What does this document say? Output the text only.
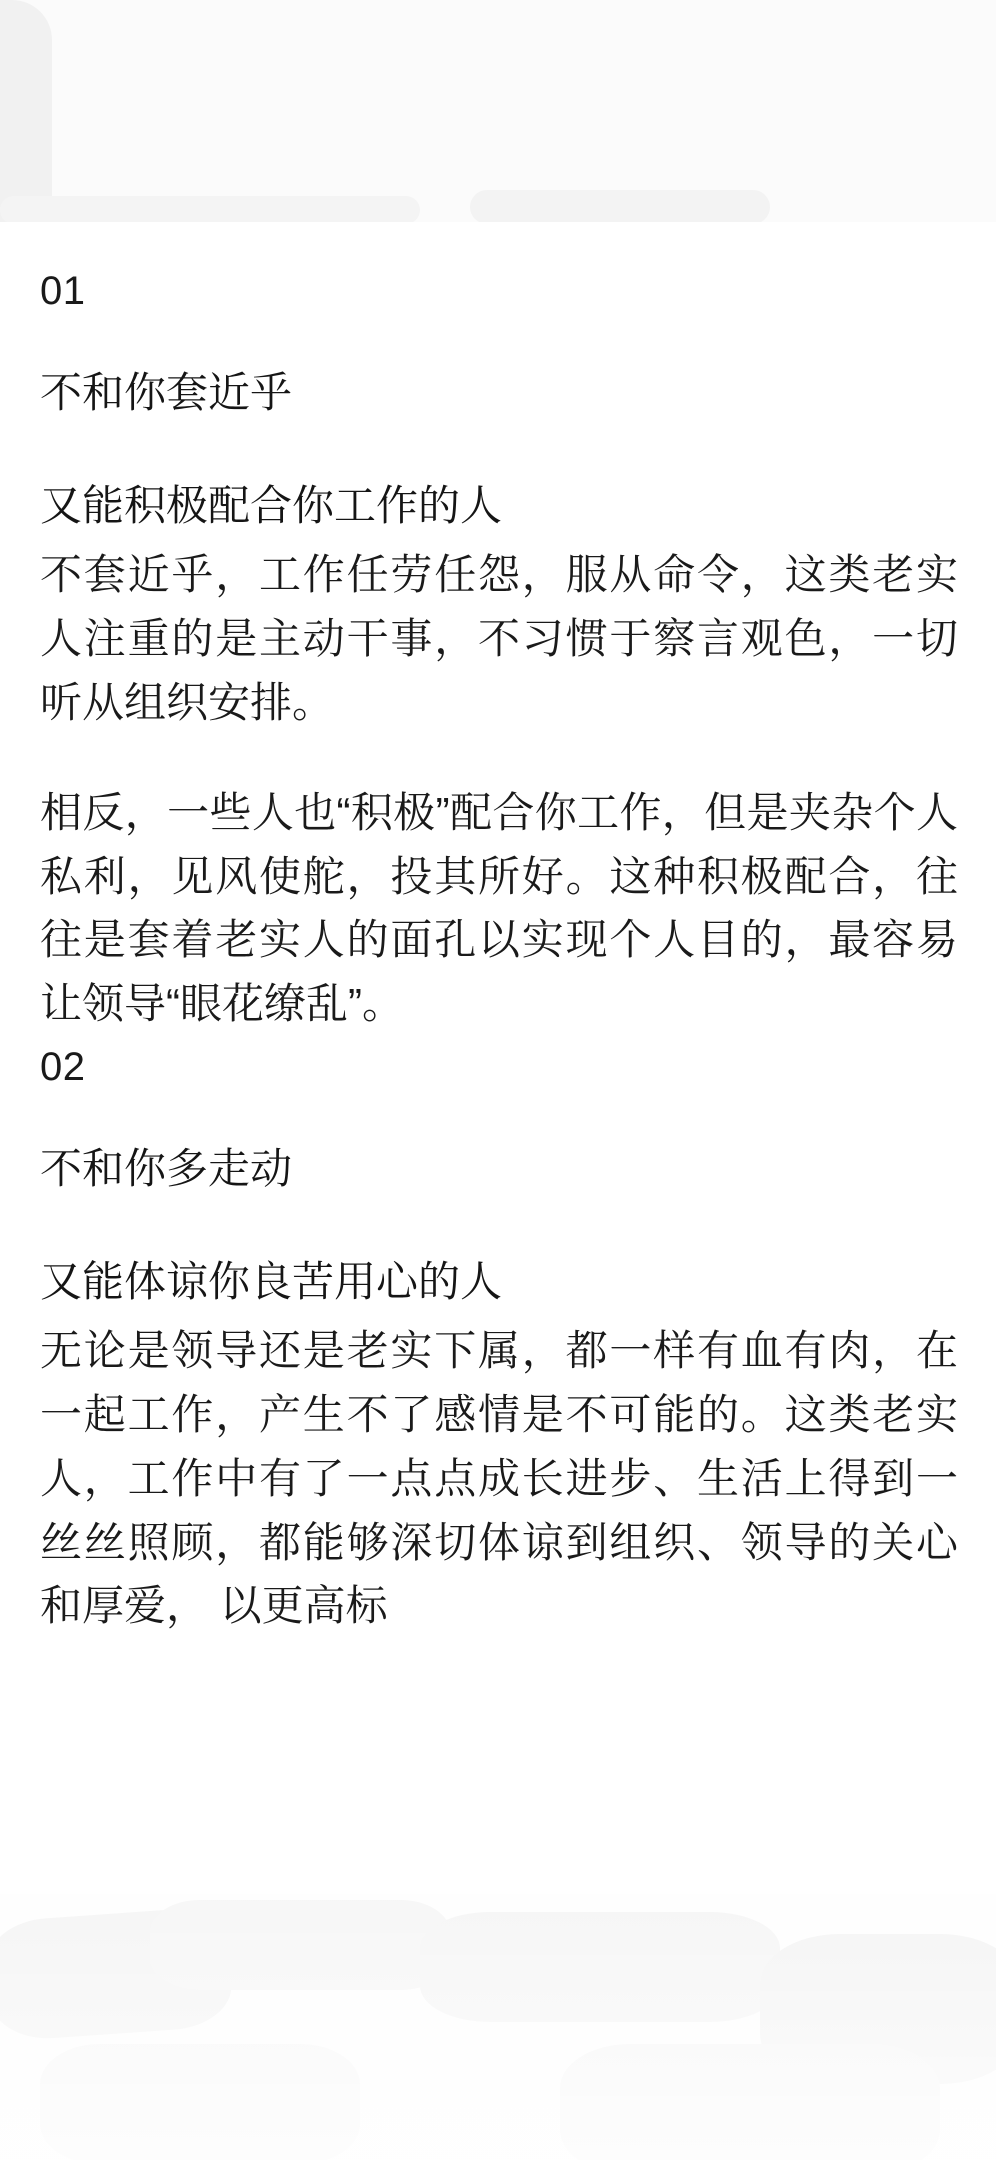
01
不和你套近乎
又能积极配合你工作的人

不套近乎，工作任劳任怨，服从命令，这类老实人注重的是主动干事，不习惯于察言观色，一切听从组织安排。

相反，一些人也“积极”配合你工作，但是夹杂个人私利，见风使舵，投其所好。这种积极配合，往往是套着老实人的面孔以实现个人目的，最容易让领导“眼花缭乱”。

02
不和你多走动
又能体谅你良苦用心的人

无论是领导还是老实下属，都一样有血有肉，在一起工作，产生不了感情是不可能的。这类老实人，工作中有了一点点成长进步、生活上得到一丝丝照顾，都能够深切体谅到组织、领导的关心和厚爱， 以更高标
